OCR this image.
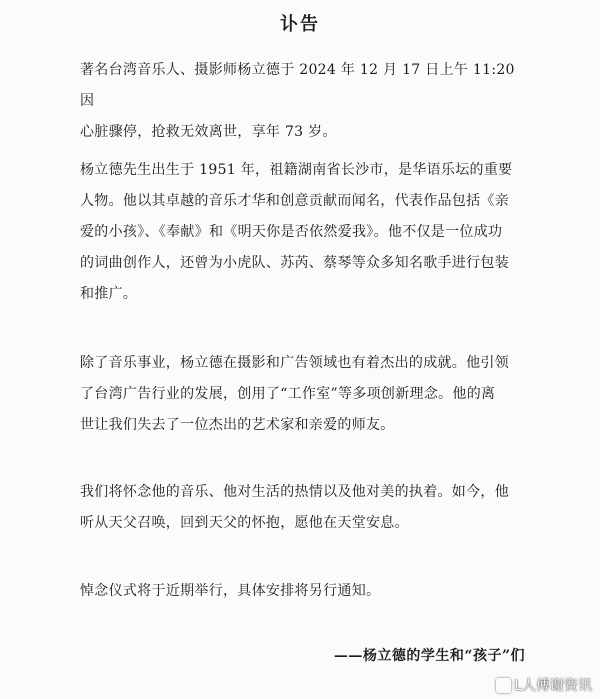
讣告

著名台湾音乐人、摄影师杨立德于 2024 年 12 月 17 日上午 11:20 因
心脏骤停，抢救无效离世，享年 73 岁。

杨立德先生出生于 1951 年，祖籍湖南省长沙市，是华语乐坛的重要
人物。他以其卓越的音乐才华和创意贡献而闻名，代表作品包括《亲
爱的小孩》、《奉献》和《明天你是否依然爱我》。他不仅是一位成功
的词曲创作人，还曾为小虎队、苏芮、蔡琴等众多知名歌手进行包装
和推广。

除了音乐事业，杨立德在摄影和广告领域也有着杰出的成就。他引领
了台湾广告行业的发展，创用了“工作室”等多项创新理念。他的离
世让我们失去了一位杰出的艺术家和亲爱的师友。

我们将怀念他的音乐、他对生活的热情以及他对美的执着。如今，他
听从天父召唤，回到天父的怀抱，愿他在天堂安息。

悼念仪式将于近期举行，具体安排将另行通知。

——杨立德的学生和“孩子”们
L人傅谢资讯
